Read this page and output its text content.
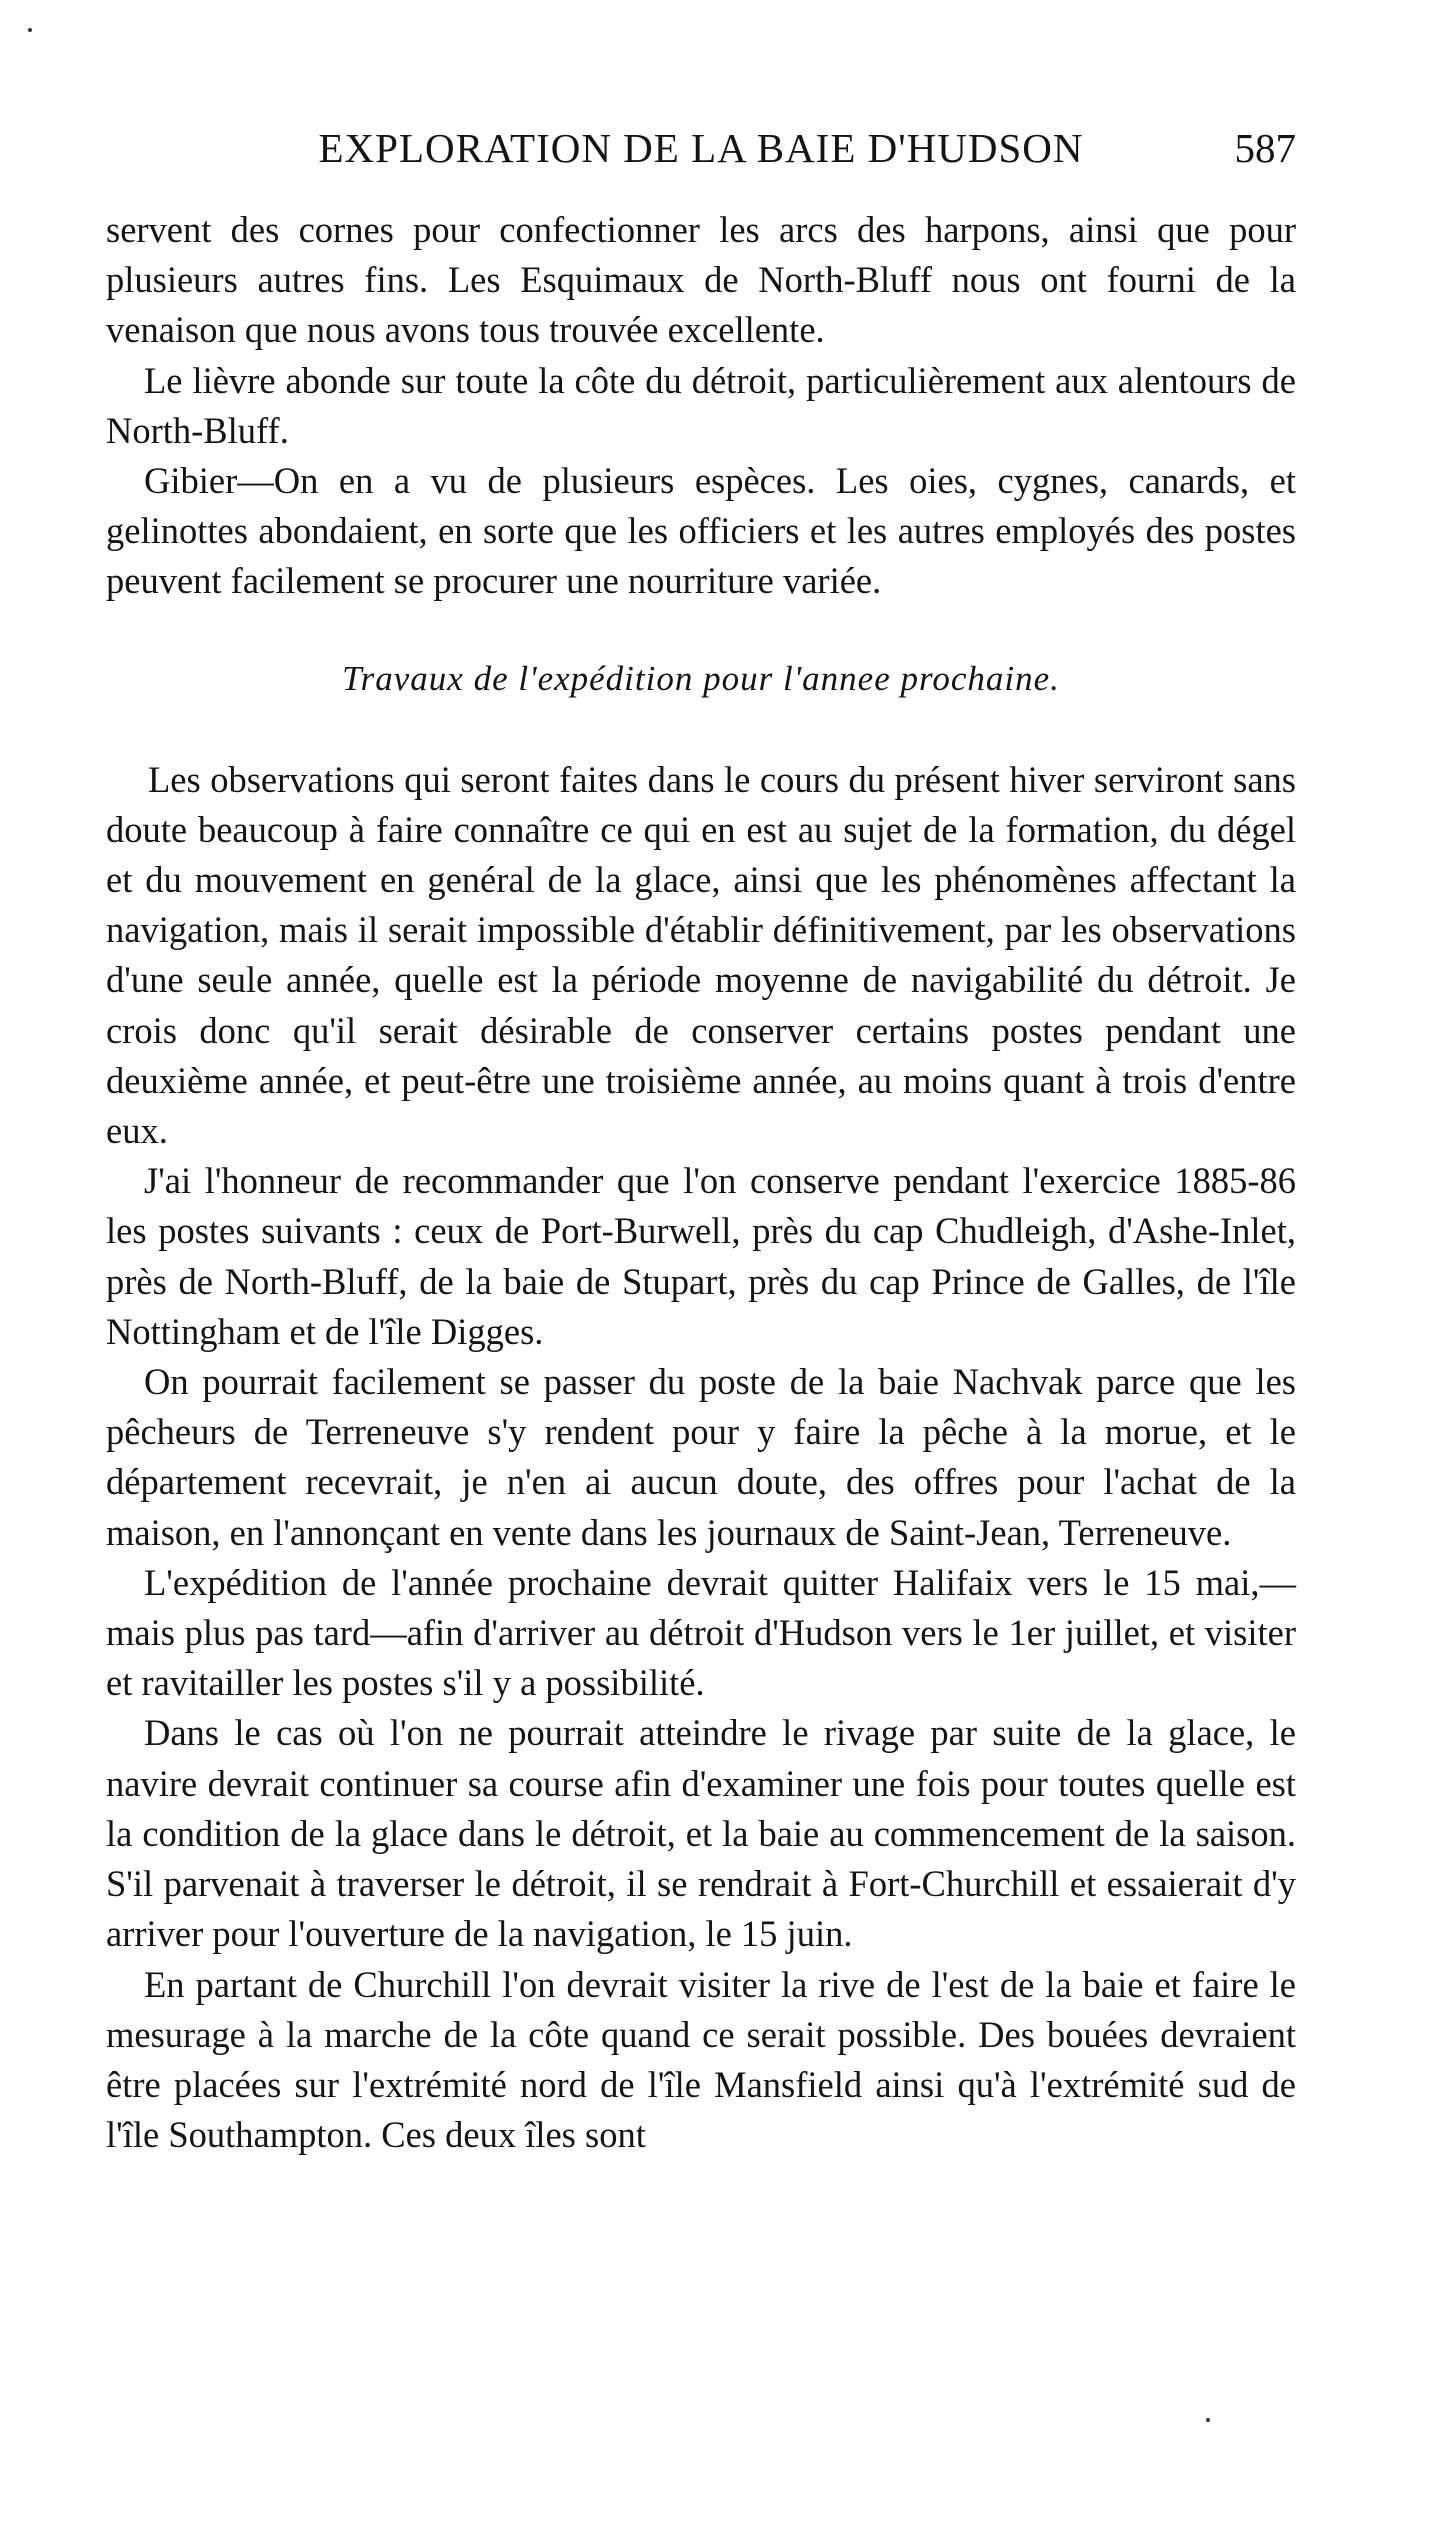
EXPLORATION DE LA BAIE D'HUDSON	587

servent des cornes pour confectionner les arcs des harpons, ainsi que pour plusieurs autres fins. Les Esquimaux de North-Bluff nous ont fourni de la venaison que nous avons tous trouvée excellente.

Le lièvre abonde sur toute la côte du détroit, particulièrement aux alentours de North-Bluff.

Gibier—On en a vu de plusieurs espèces. Les oies, cygnes, canards, et gelinottes abondaient, en sorte que les officiers et les autres employés des postes peuvent facilement se procurer une nourriture variée.

Travaux de l'expédition pour l'annee prochaine.

Les observations qui seront faites dans le cours du présent hiver serviront sans doute beaucoup à faire connaître ce qui en est au sujet de la formation, du dégel et du mouvement en genéral de la glace, ainsi que les phénomènes affectant la navigation, mais il serait impossible d'établir définitivement, par les observations d'une seule année, quelle est la période moyenne de navigabilité du détroit. Je crois donc qu'il serait désirable de conserver certains postes pendant une deuxième année, et peut-être une troisième année, au moins quant à trois d'entre eux.

J'ai l'honneur de recommander que l'on conserve pendant l'exercice 1885-86 les postes suivants : ceux de Port-Burwell, près du cap Chudleigh, d'Ashe-Inlet, près de North-Bluff, de la baie de Stupart, près du cap Prince de Galles, de l'île Nottingham et de l'île Digges.

On pourrait facilement se passer du poste de la baie Nachvak parce que les pêcheurs de Terreneuve s'y rendent pour y faire la pêche à la morue, et le département recevrait, je n'en ai aucun doute, des offres pour l'achat de la maison, en l'annonçant en vente dans les journaux de Saint-Jean, Terreneuve.

L'expédition de l'année prochaine devrait quitter Halifaix vers le 15 mai,— mais plus pas tard—afin d'arriver au détroit d'Hudson vers le 1er juillet, et visiter et ravitailler les postes s'il y a possibilité.

Dans le cas où l'on ne pourrait atteindre le rivage par suite de la glace, le navire devrait continuer sa course afin d'examiner une fois pour toutes quelle est la condition de la glace dans le détroit, et la baie au commencement de la saison. S'il parvenait à traverser le détroit, il se rendrait à Fort-Churchill et essaierait d'y arriver pour l'ouverture de la navigation, le 15 juin.

En partant de Churchill l'on devrait visiter la rive de l'est de la baie et faire le mesurage à la marche de la côte quand ce serait possible. Des bouées devraient être placées sur l'extrémité nord de l'île Mansfield ainsi qu'à l'extrémité sud de l'île Southampton. Ces deux îles sont
